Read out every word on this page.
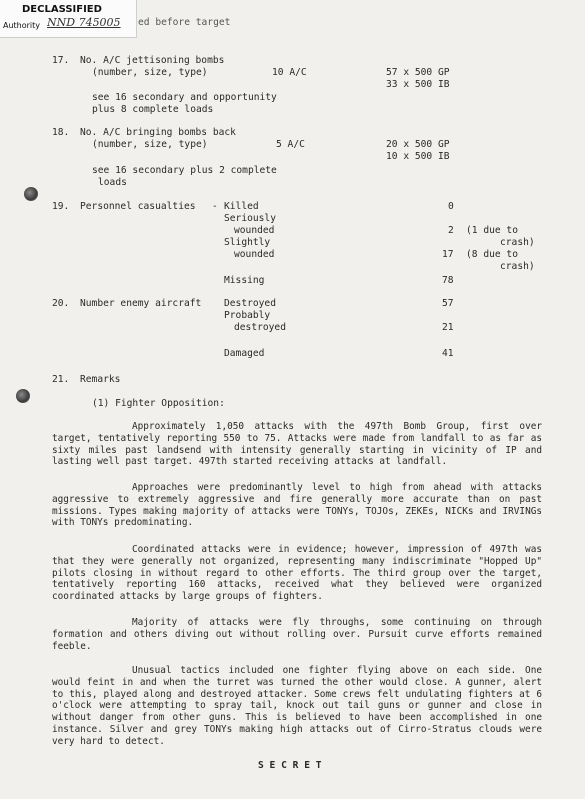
DECLASSIFIED
Authority NND 745005 ed before target
17. No. A/C jettisoning bombs
(number, size, type)	10 A/C	57 x 500 GP
33 x 500 IB
see 16 secondary and opportunity
plus 8 complete loads
18. No. A/C bringing bombs back
(number, size, type)	5 A/C	20 x 500 GP
10 x 500 IB
see 16 secondary plus 2 complete
loads
19. Personnel casualties - Killed	0
Seriously
wounded	2 (1 due to
crash)
Slightly
wounded	17 (8 due to
crash)
Missing	78
20. Number enemy aircraft Destroyed	57
Probably
destroyed	21
Damaged	41
21. Remarks
(1) Fighter Opposition:
Approximately 1,050 attacks with the 497th Bomb Group, first over target, tentatively reporting 550 to 75. Attacks were made from landfall to as far as sixty miles past landsend with intensity generally starting in vicinity of IP and lasting well past target. 497th started receiving attacks at landfall.
Approaches were predominantly level to high from ahead with attacks aggressive to extremely aggressive and fire generally more accurate than on past missions. Types making majority of attacks were TONYs, TOJOs, ZEKEs, NICKs and IRVINGs with TONYs predominating.
Coordinated attacks were in evidence; however, impression of 497th was that they were generally not organized, representing many indiscriminate "Hopped Up" pilots closing in without regard to other efforts. The third group over the target, tentatively reporting 160 attacks, received what they believed were organized coordinated attacks by large groups of fighters.
Majority of attacks were fly throughs, some continuing on through formation and others diving out without rolling over. Pursuit curve efforts remained feeble.
Unusual tactics included one fighter flying above on each side. One would feint in and when the turret was turned the other would close. A gunner, alert to this, played along and destroyed attacker. Some crews felt undulating fighters at 6 o'clock were attempting to spray tail, knock out tail guns or gunner and close in without danger from other guns. This is believed to have been accomplished in one instance. Silver and grey TONYs making high attacks out of Cirro-Stratus clouds were very hard to detect.
S E C R E T
